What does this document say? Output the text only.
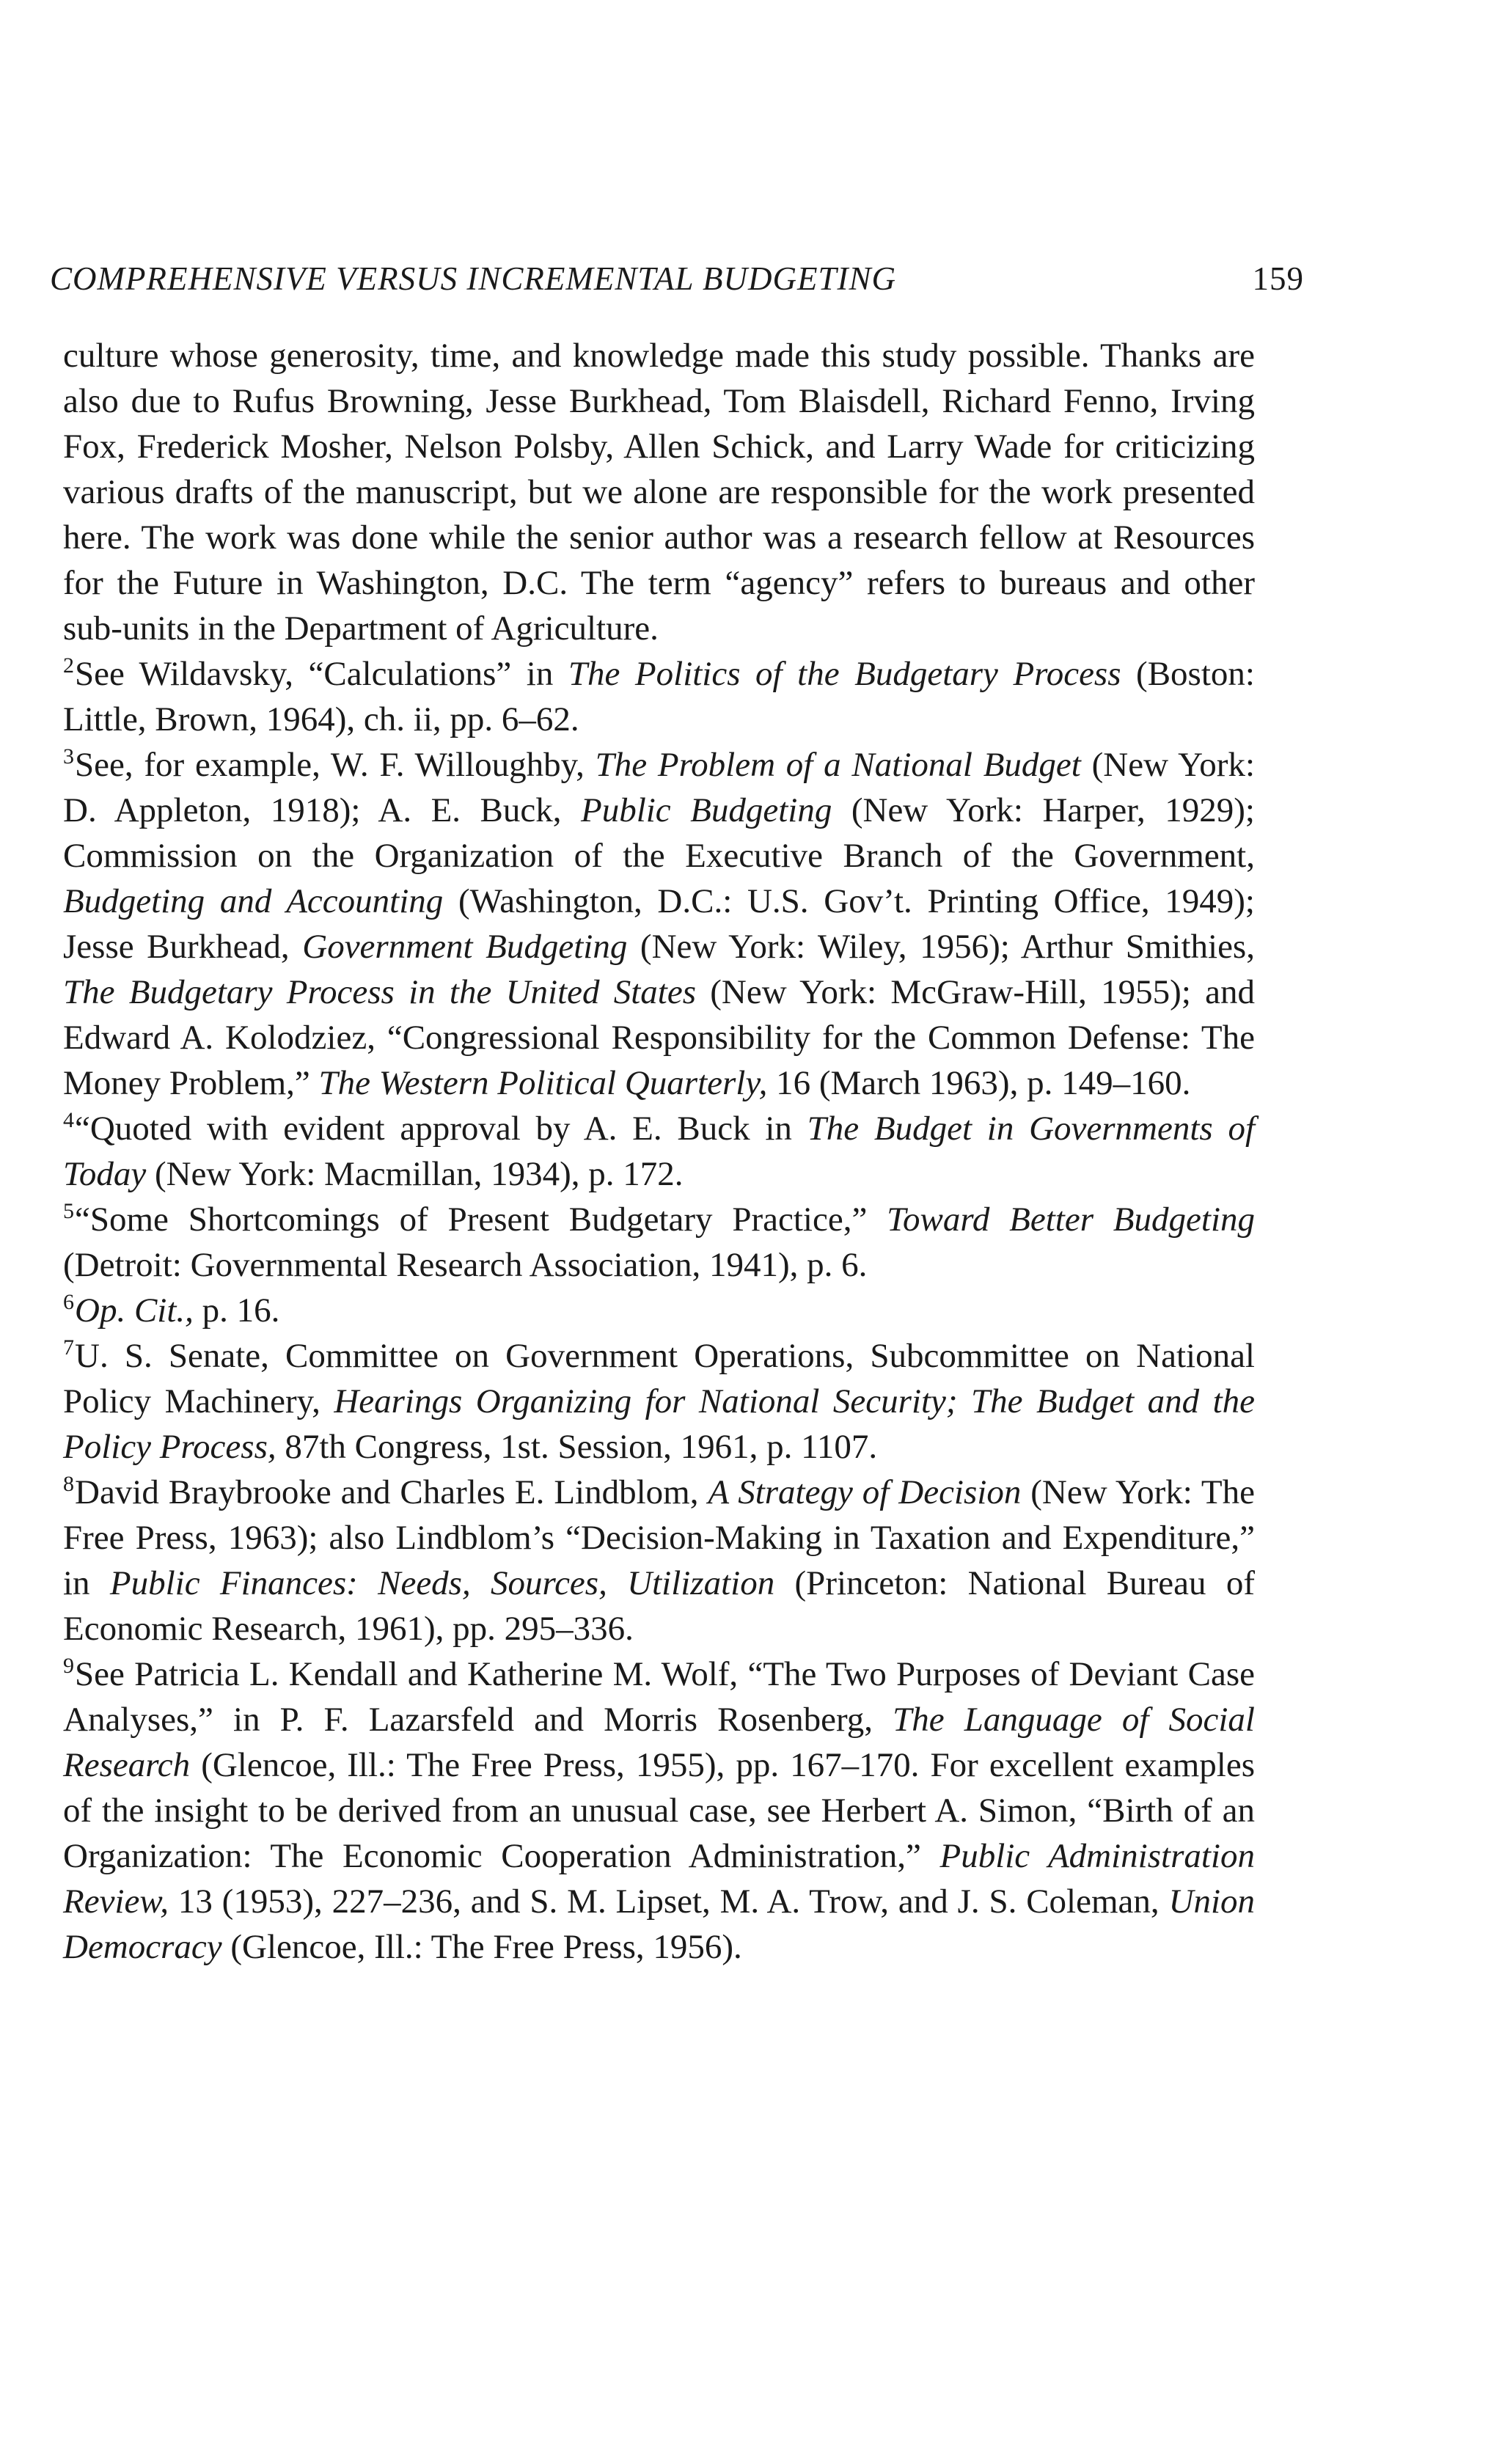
COMPREHENSIVE VERSUS INCREMENTAL BUDGETING	159

culture whose generosity, time, and knowledge made this study possible. Thanks are also due to Rufus Browning, Jesse Burkhead, Tom Blaisdell, Richard Fenno, Irving Fox, Frederick Mosher, Nelson Polsby, Allen Schick, and Larry Wade for criticizing various drafts of the manuscript, but we alone are responsible for the work presented here. The work was done while the senior author was a research fellow at Resources for the Future in Washington, D.C. The term “agency” refers to bureaus and other sub-units in the Department of Agriculture.

$^2$See Wildavsky, “Calculations” in The Politics of the Budgetary Process (Boston: Little, Brown, 1964), ch. ii, pp. 6–62.

$^3$See, for example, W. F. Willoughby, The Problem of a National Budget (New York: D. Appleton, 1918); A. E. Buck, Public Budgeting (New York: Harper, 1929); Commission on the Organization of the Executive Branch of the Government, Budgeting and Accounting (Washington, D.C.: U.S. Gov’t. Printing Office, 1949); Jesse Burkhead, Government Budgeting (New York: Wiley, 1956); Arthur Smithies, The Budgetary Process in the United States (New York: McGraw-Hill, 1955); and Edward A. Kolodziez, “Congressional Responsibility for the Common Defense: The Money Problem,” The Western Political Quarterly, 16 (March 1963), p. 149–160.

$^4$“Quoted with evident approval by A. E. Buck in The Budget in Governments of Today (New York: Macmillan, 1934), p. 172.

$^5$“Some Shortcomings of Present Budgetary Practice,” Toward Better Budgeting (Detroit: Governmental Research Association, 1941), p. 6.

$^6$Op. Cit., p. 16.

$^7$U. S. Senate, Committee on Government Operations, Subcommittee on National Policy Machinery, Hearings Organizing for National Security; The Budget and the Policy Process, 87th Congress, 1st. Session, 1961, p. 1107.

$^8$David Braybrooke and Charles E. Lindblom, A Strategy of Decision (New York: The Free Press, 1963); also Lindblom’s “Decision-Making in Taxation and Expenditure,” in Public Finances: Needs, Sources, Utilization (Princeton: National Bureau of Economic Research, 1961), pp. 295–336.

$^9$See Patricia L. Kendall and Katherine M. Wolf, “The Two Purposes of Deviant Case Analyses,” in P. F. Lazarsfeld and Morris Rosenberg, The Language of Social Research (Glencoe, Ill.: The Free Press, 1955), pp. 167–170. For excellent examples of the insight to be derived from an unusual case, see Herbert A. Simon, “Birth of an Organization: The Economic Cooperation Administration,” Public Administration Review, 13 (1953), 227–236, and S. M. Lipset, M. A. Trow, and J. S. Coleman, Union Democracy (Glencoe, Ill.: The Free Press, 1956).
